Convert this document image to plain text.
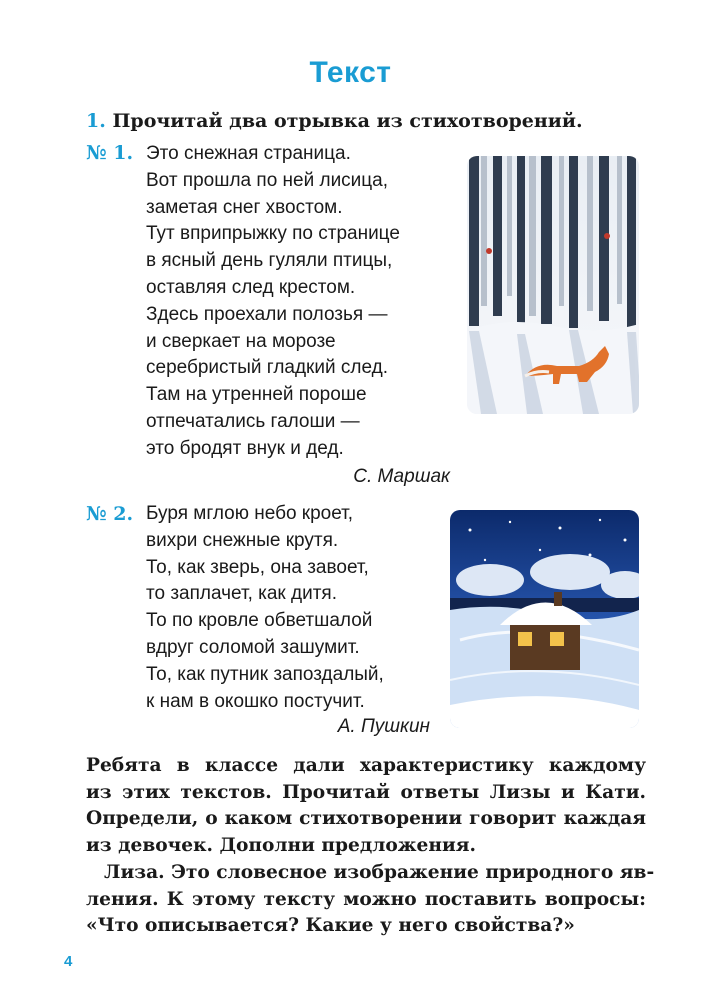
Текст
1. Прочитай два отрывка из стихотворений.
№ 1. Это снежная страница.
Вот прошла по ней лисица,
заметая снег хвостом.
Тут вприпрыжку по странице
в ясный день гуляли птицы,
оставляя след крестом.
Здесь проехали полозья —
и сверкает на морозе
серебристый гладкий след.
Там на утренней пороше
отпечатались галоши —
это бродят внук и дед.
С. Маршак
№ 2. Буря мглою небо кроет,
вихри снежные крутя.
То, как зверь, она завоет,
то заплачет, как дитя.
То по кровле обветшалой
вдруг соломой зашумит.
То, как путник запоздалый,
к нам в окошко постучит.
А. Пушкин
Ребята в классе дали характеристику каждому
из этих текстов. Прочитай ответы Лизы и Кати.
Определи, о каком стихотворении говорит каждая
из девочек. Дополни предложения.
Лиза. Это словесное изображение природного яв-
ления. К этому тексту можно поставить вопросы:
«Что описывается? Какие у него свойства?»
4
